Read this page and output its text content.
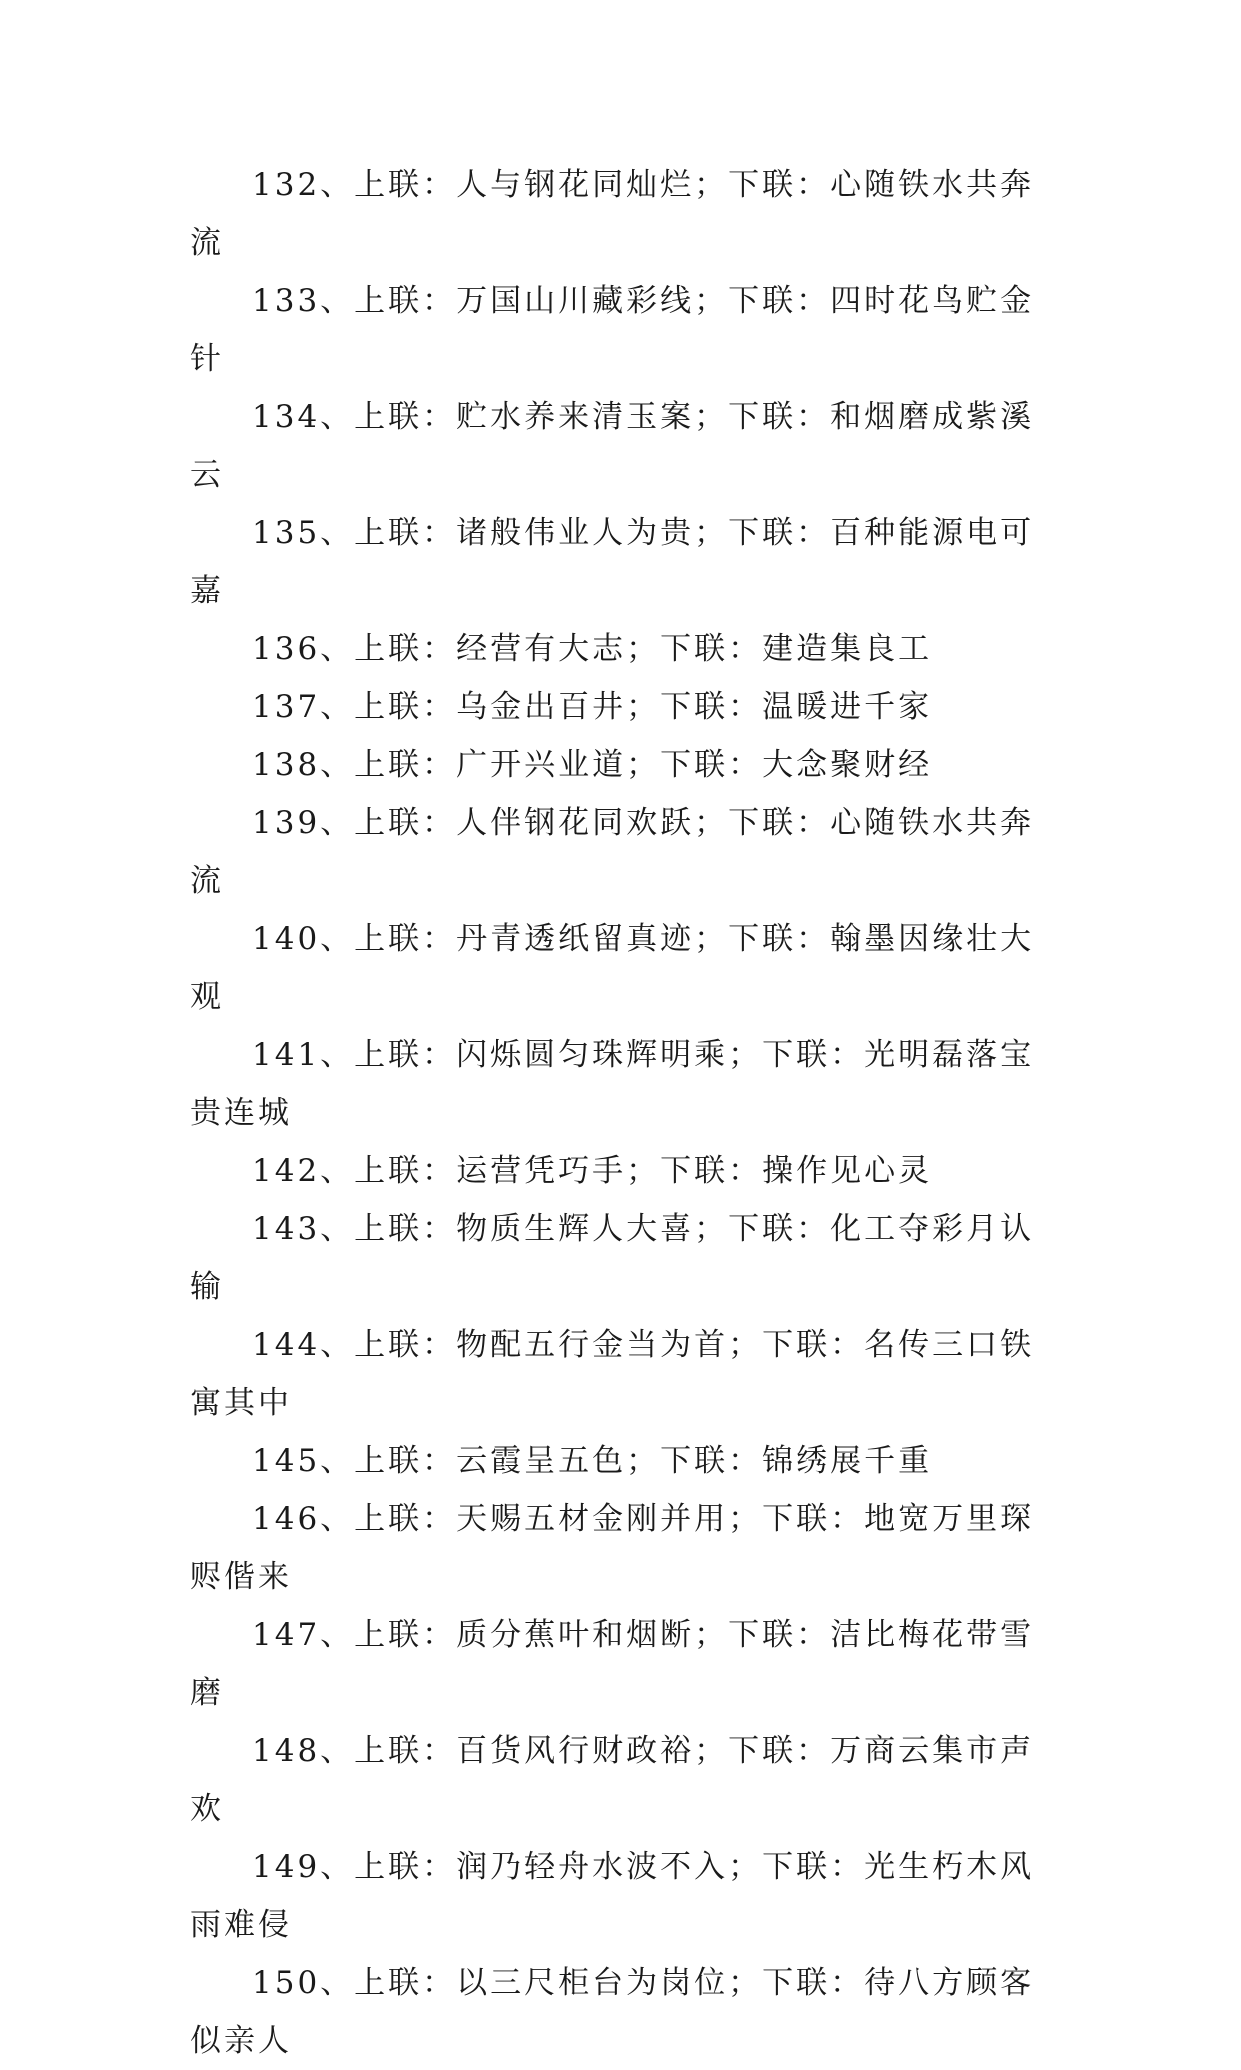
132、上联：人与钢花同灿烂；下联：心随铁水共奔流

133、上联：万国山川藏彩线；下联：四时花鸟贮金针

134、上联：贮水养来清玉案；下联：和烟磨成紫溪云

135、上联：诸般伟业人为贵；下联：百种能源电可嘉

136、上联：经营有大志；下联：建造集良工

137、上联：乌金出百井；下联：温暖进千家

138、上联：广开兴业道；下联：大念聚财经

139、上联：人伴钢花同欢跃；下联：心随铁水共奔流

140、上联：丹青透纸留真迹；下联：翰墨因缘壮大观

141、上联：闪烁圆匀珠辉明乘；下联：光明磊落宝贵连城

142、上联：运营凭巧手；下联：操作见心灵

143、上联：物质生辉人大喜；下联：化工夺彩月认输

144、上联：物配五行金当为首；下联：名传三口铁寓其中

145、上联：云霞呈五色；下联：锦绣展千重

146、上联：天赐五材金刚并用；下联：地宽万里琛赆偕来

147、上联：质分蕉叶和烟断；下联：洁比梅花带雪磨

148、上联：百货风行财政裕；下联：万商云集市声欢

149、上联：润乃轻舟水波不入；下联：光生朽木风雨难侵

150、上联：以三尺柜台为岗位；下联：待八方顾客似亲人
